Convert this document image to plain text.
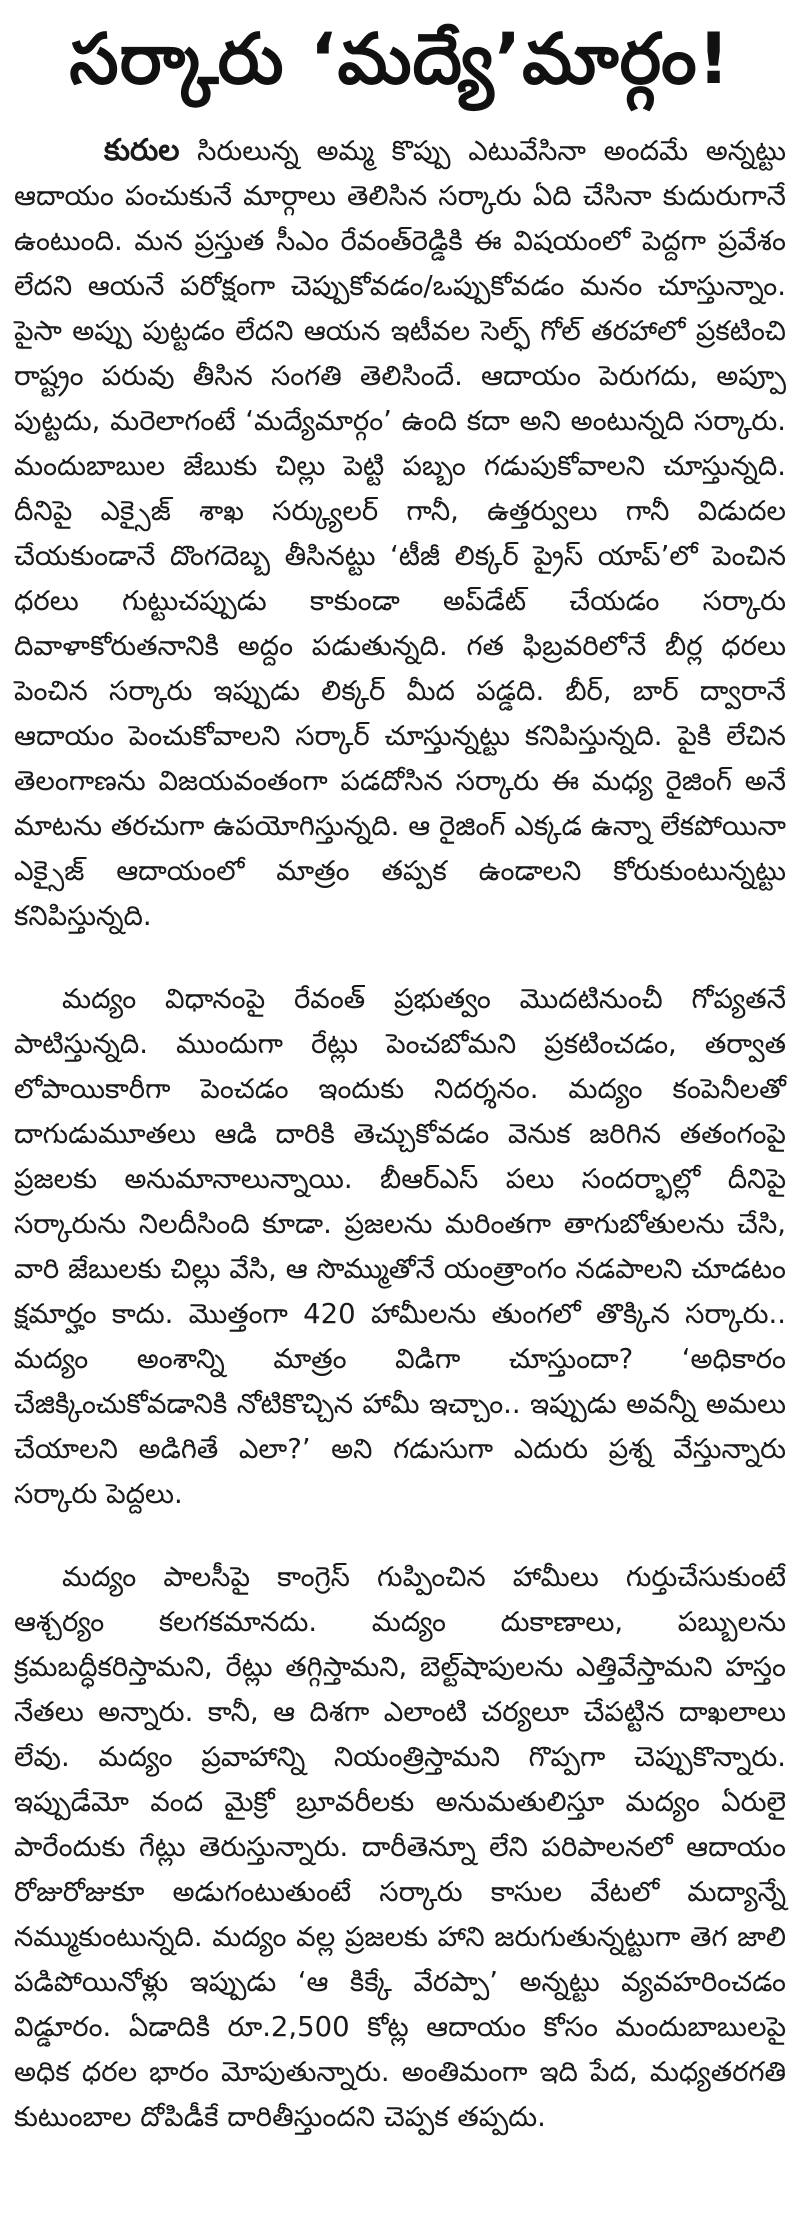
సర్కారు ‘మద్యే’మార్గం!

కురుల సిరులున్న అమ్మ కొప్పు ఎటువేసినా అందమే అన్నట్టు ఆదాయం పంచుకునే మార్గాలు తెలిసిన సర్కారు ఏది చేసినా కుదురుగానే ఉంటుంది. మన ప్రస్తుత సీఎం రేవంత్‌రెడ్డికి ఈ విషయంలో పెద్దగా ప్రవేశం లేదని ఆయనే పరోక్షంగా చెప్పుకోవడం/ఒప్పుకోవడం మనం చూస్తున్నాం. పైసా అప్పు పుట్టడం లేదని ఆయన ఇటీవల సెల్ఫ్ గోల్ తరహాలో ప్రకటించి రాష్ట్రం పరువు తీసిన సంగతి తెలిసిందే. ఆదాయం పెరుగదు, అప్పూ పుట్టదు, మరెలాగంటే ‘మద్యేమార్గం’ ఉంది కదా అని అంటున్నది సర్కారు. మందుబాబుల జేబుకు చిల్లు పెట్టి పబ్బం గడుపుకోవాలని చూస్తున్నది. దీనిపై ఎక్సైజ్ శాఖ సర్క్యులర్ గానీ, ఉత్తర్వులు గానీ విడుదల చేయకుండానే దొంగదెబ్బ తీసినట్టు ‘టీజీ లిక్కర్ ప్రైస్ యాప్’లో పెంచిన ధరలు గుట్టుచప్పుడు కాకుండా అప్‌డేట్ చేయడం సర్కారు దివాళాకోరుతనానికి అద్దం పడుతున్నది. గత ఫిబ్రవరిలోనే బీర్ల ధరలు పెంచిన సర్కారు ఇప్పుడు లిక్కర్ మీద పడ్డది. బీర్, బార్ ద్వారానే ఆదాయం పెంచుకోవాలని సర్కార్ చూస్తున్నట్టు కనిపిస్తున్నది. పైకి లేచిన తెలంగాణను విజయవంతంగా పడదోసిన సర్కారు ఈ మధ్య రైజింగ్ అనే మాటను తరచుగా ఉపయోగిస్తున్నది. ఆ రైజింగ్ ఎక్కడ ఉన్నా లేకపోయినా ఎక్సైజ్ ఆదాయంలో మాత్రం తప్పక ఉండాలని కోరుకుంటున్నట్టు కనిపిస్తున్నది.

మద్యం విధానంపై రేవంత్ ప్రభుత్వం మొదటినుంచీ గోప్యతనే పాటిస్తున్నది. ముందుగా రేట్లు పెంచబోమని ప్రకటించడం, తర్వాత లోపాయికారీగా పెంచడం ఇందుకు నిదర్శనం. మద్యం కంపెనీలతో దాగుడుమూతలు ఆడి దారికి తెచ్చుకోవడం వెనుక జరిగిన తతంగంపై ప్రజలకు అనుమానాలున్నాయి. బీఆర్‌ఎస్ పలు సందర్భాల్లో దీనిపై సర్కారును నిలదీసింది కూడా. ప్రజలను మరింతగా తాగుబోతులను చేసి, వారి జేబులకు చిల్లు వేసి, ఆ సొమ్ముతోనే యంత్రాంగం నడపాలని చూడటం క్షమార్హం కాదు. మొత్తంగా 420 హామీలను తుంగలో తొక్కిన సర్కారు.. మద్యం అంశాన్ని మాత్రం విడిగా చూస్తుందా? ‘అధికారం చేజిక్కించుకోవడానికి నోటికొచ్చిన హామీ ఇచ్చాం.. ఇప్పుడు అవన్నీ అమలు చేయాలని అడిగితే ఎలా?’ అని గడుసుగా ఎదురు ప్రశ్న వేస్తున్నారు సర్కారు పెద్దలు.

మద్యం పాలసీపై కాంగ్రెస్ గుప్పించిన హామీలు గుర్తుచేసుకుంటే ఆశ్చర్యం కలగకమానదు. మద్యం దుకాణాలు, పబ్బులను క్రమబద్ధీకరిస్తామని, రేట్లు తగ్గిస్తామని, బెల్ట్‌షాపులను ఎత్తివేస్తామని హస్తం నేతలు అన్నారు. కానీ, ఆ దిశగా ఎలాంటి చర్యలూ చేపట్టిన దాఖలాలు లేవు. మద్యం ప్రవాహాన్ని నియంత్రిస్తామని గొప్పగా చెప్పుకొన్నారు. ఇప్పుడేమో వంద మైక్రో బ్రూవరీలకు అనుమతులిస్తూ మద్యం ఏరులై పారేందుకు గేట్లు తెరుస్తున్నారు. దారీతెన్నూ లేని పరిపాలనలో ఆదాయం రోజురోజుకూ అడుగంటుతుంటే సర్కారు కాసుల వేటలో మద్యాన్నే నమ్ముకుంటున్నది. మద్యం వల్ల ప్రజలకు హాని జరుగుతున్నట్టుగా తెగ జాలి పడిపోయినోళ్లు ఇప్పుడు ‘ఆ కిక్కే వేరప్పా’ అన్నట్టు వ్యవహరించడం విడ్డూరం. ఏడాదికి రూ.2,500 కోట్ల ఆదాయం కోసం మందుబాబులపై అధిక ధరల భారం మోపుతున్నారు. అంతిమంగా ఇది పేద, మధ్యతరగతి కుటుంబాల దోపిడీకే దారితీస్తుందని చెప్పక తప్పదు.
